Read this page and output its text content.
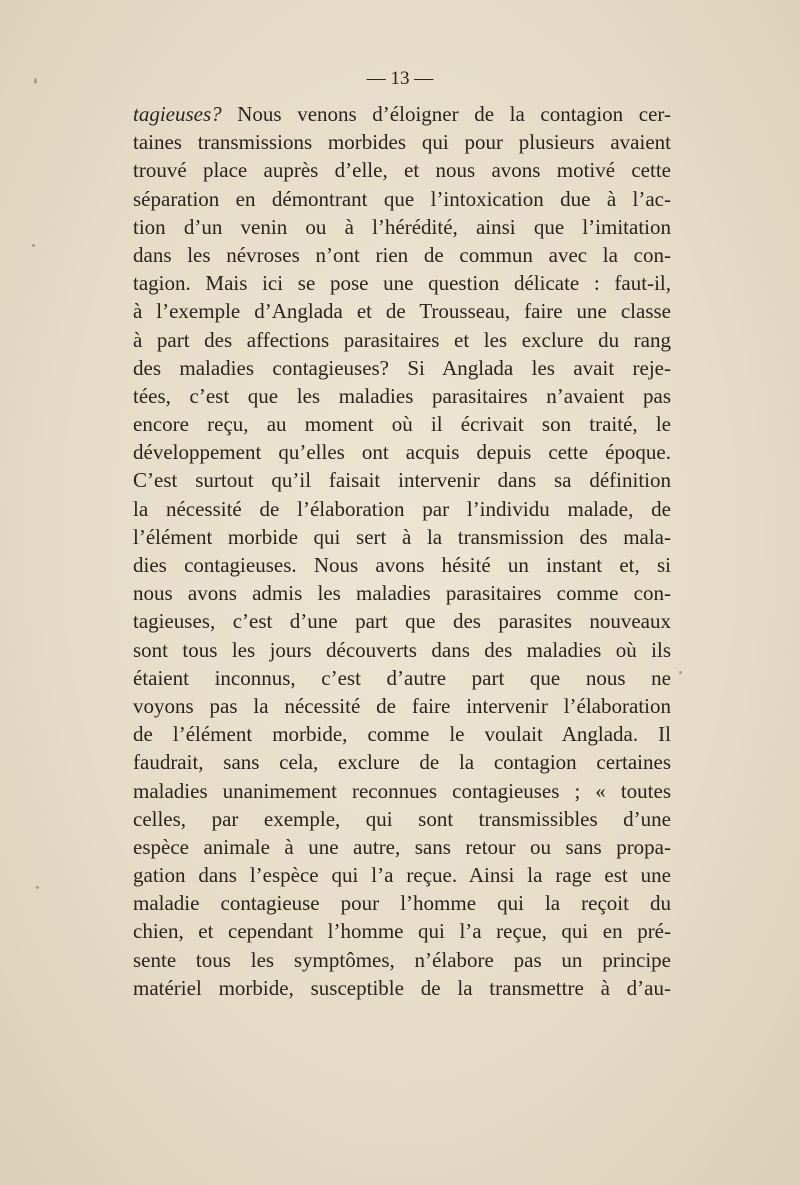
— 13 —
tagieuses? Nous venons d’éloigner de la contagion cer-
taines transmissions morbides qui pour plusieurs avaient
trouvé place auprès d’elle, et nous avons motivé cette
séparation en démontrant que l’intoxication due à l’ac-
tion d’un venin ou à l’hérédité, ainsi que l’imitation
dans les névroses n’ont rien de commun avec la con-
tagion. Mais ici se pose une question délicate : faut-il,
à l’exemple d’Anglada et de Trousseau, faire une classe
à part des affections parasitaires et les exclure du rang
des maladies contagieuses? Si Anglada les avait reje-
tées, c’est que les maladies parasitaires n’avaient pas
encore reçu, au moment où il écrivait son traité, le
développement qu’elles ont acquis depuis cette époque.
C’est surtout qu’il faisait intervenir dans sa définition
la nécessité de l’élaboration par l’individu malade, de
l’élément morbide qui sert à la transmission des mala-
dies contagieuses. Nous avons hésité un instant et, si
nous avons admis les maladies parasitaires comme con-
tagieuses, c’est d’une part que des parasites nouveaux
sont tous les jours découverts dans des maladies où ils
étaient inconnus, c’est d’autre part que nous ne
voyons pas la nécessité de faire intervenir l’élaboration
de l’élément morbide, comme le voulait Anglada. Il
faudrait, sans cela, exclure de la contagion certaines
maladies unanimement reconnues contagieuses ; « toutes
celles, par exemple, qui sont transmissibles d’une
espèce animale à une autre, sans retour ou sans propa-
gation dans l’espèce qui l’a reçue. Ainsi la rage est une
maladie contagieuse pour l’homme qui la reçoit du
chien, et cependant l’homme qui l’a reçue, qui en pré-
sente tous les symptômes, n’élabore pas un principe
matériel morbide, susceptible de la transmettre à d’au-
